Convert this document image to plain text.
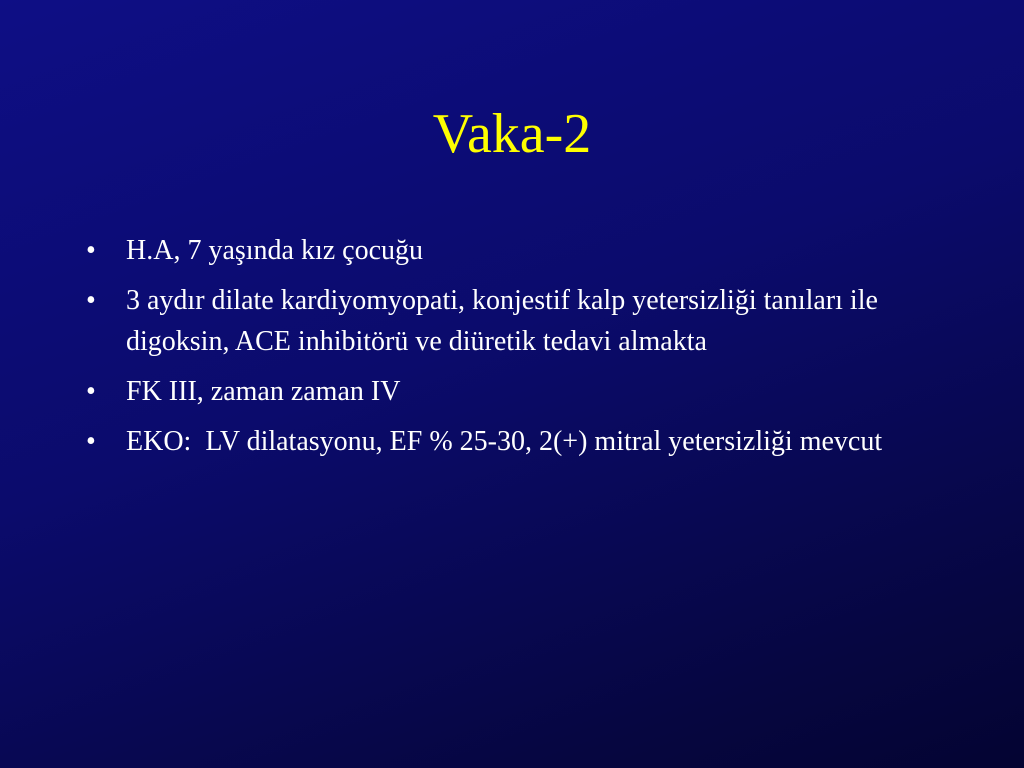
Vaka-2
•	H.A, 7 yaşında kız çocuğu
•	3 aydır dilate kardiyomyopati, konjestif kalp yetersizliği tanıları ile digoksin, ACE inhibitörü ve diüretik tedavi almakta
•	FK III, zaman zaman IV
•	EKO:  LV dilatasyonu, EF % 25-30, 2(+) mitral yetersizliği mevcut
